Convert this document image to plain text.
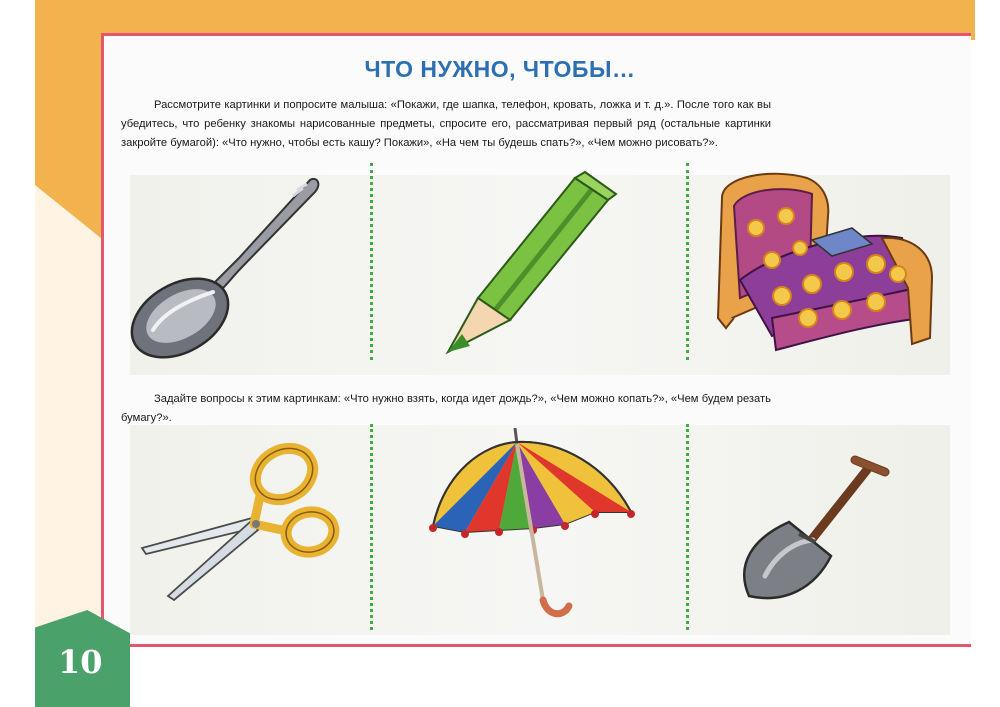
ЧТО НУЖНО, ЧТОБЫ…

Рассмотрите картинки и попросите малыша: «Покажи, где шапка, телефон, кровать, ложка и т. д.». После того как вы убедитесь, что ребенку знакомы нарисованные предметы, спросите его, рассматривая первый ряд (остальные картинки закройте бумагой): «Что нужно, чтобы есть кашу? Покажи», «На чем ты будешь спать?», «Чем можно рисовать?».

Задайте вопросы к этим картинкам: «Что нужно взять, когда идет дождь?», «Чем можно копать?», «Чем будем резать бумагу?».

10
